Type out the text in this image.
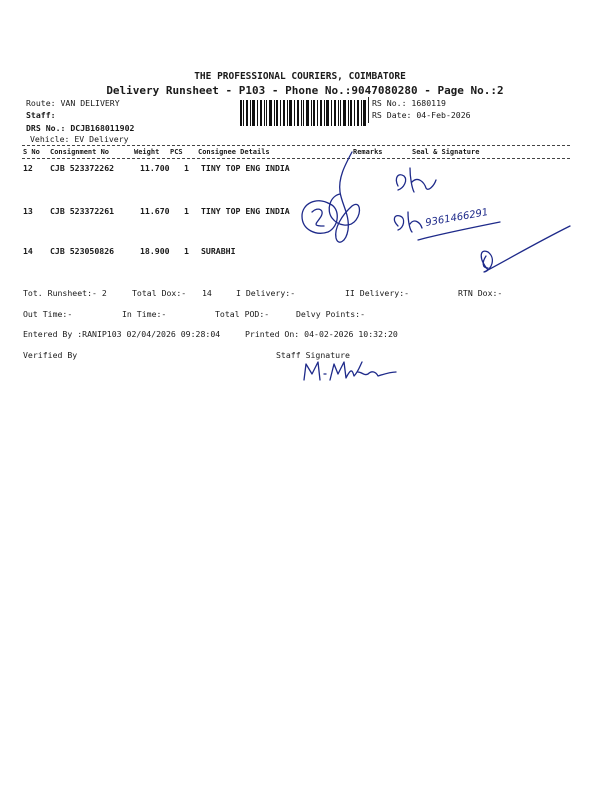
THE PROFESSIONAL COURIERS, COIMBATORE
Delivery Runsheet - P103 - Phone No.:9047080280 - Page No.:2
Route: VAN DELIVERY
Staff:
DRS No.: DCJB168011902
Vehicle: EV Delivery
RS No.: 1680119
RS Date: 04-Feb-2026
S No Consignment No	Weight PCS Consignee Details	Remarks	Seal & Signature
12 CJB 523372262	11.700 1 TINY TOP ENG INDIA
13 CJB 523372261	11.670 1 TINY TOP ENG INDIA
14 CJB 523050826	18.900 1 SURABHI
Tot. Runsheet:- 2	Total Dox:- 14	I Delivery:-	II Delivery:-	RTN Dox:-
Out Time:-	In Time:-	Total POD:-	Delvy Points:-
Entered By :RANIP103 02/04/2026 09:28:04	Printed On: 04-02-2026 10:32:20
Verified By	Staff Signature
9361466291
